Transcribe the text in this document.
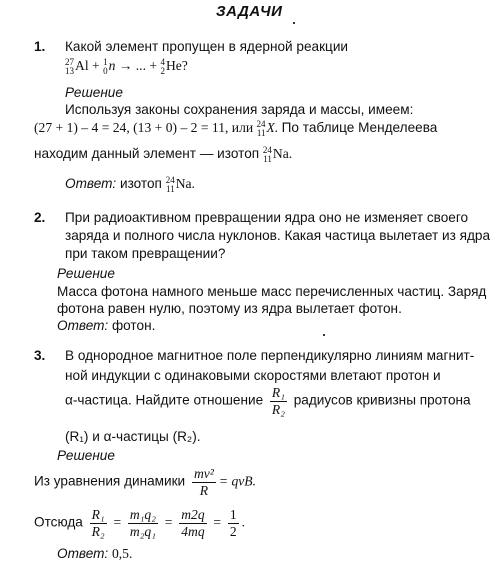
ЗАДАЧИ
1. Какой элемент пропущен в ядерной реакции
27
13 Al + 1
0 n → ... + 4
2 He?
Решение
Используя законы сохранения заряда и массы, имеем:
(27 + 1) – 4 = 24, (13 + 0) – 2 = 11, или 24
11 X. По таблице Менделеева
находим данный элемент — изотоп 24
11 Na.
Ответ: изотоп 24
11 Na.
2. При радиоактивном превращении ядра оно не изменяет своего
заряда и полного числа нуклонов. Какая частица вылетает из ядра
при таком превращении?
Решение
Масса фотона намного меньше масс перечисленных частиц. Заряд
фотона равен нулю, поэтому из ядра вылетает фотон.
Ответ: фотон.
3. В однородное магнитное поле перпендикулярно линиям магнит-
ной индукции с одинаковыми скоростями влетают протон и
α-частица. Найдите отношение $\frac{\text{R₁}}{\text{R₂}}$ радиусов кривизны протона
(R₁) и α-частицы (R₂).
Решение
Из уравнения динамики $\frac{\text{mv²}}{R}$ = qvB.
Отсюда $\frac{\text{R₁}}{\text{R₂}} = \frac{\text{m₁q₂}}{\text{m₂q₁}} = \frac{m2q}{4mq} = \frac{1}{2}$ .
Ответ: 0,5.
